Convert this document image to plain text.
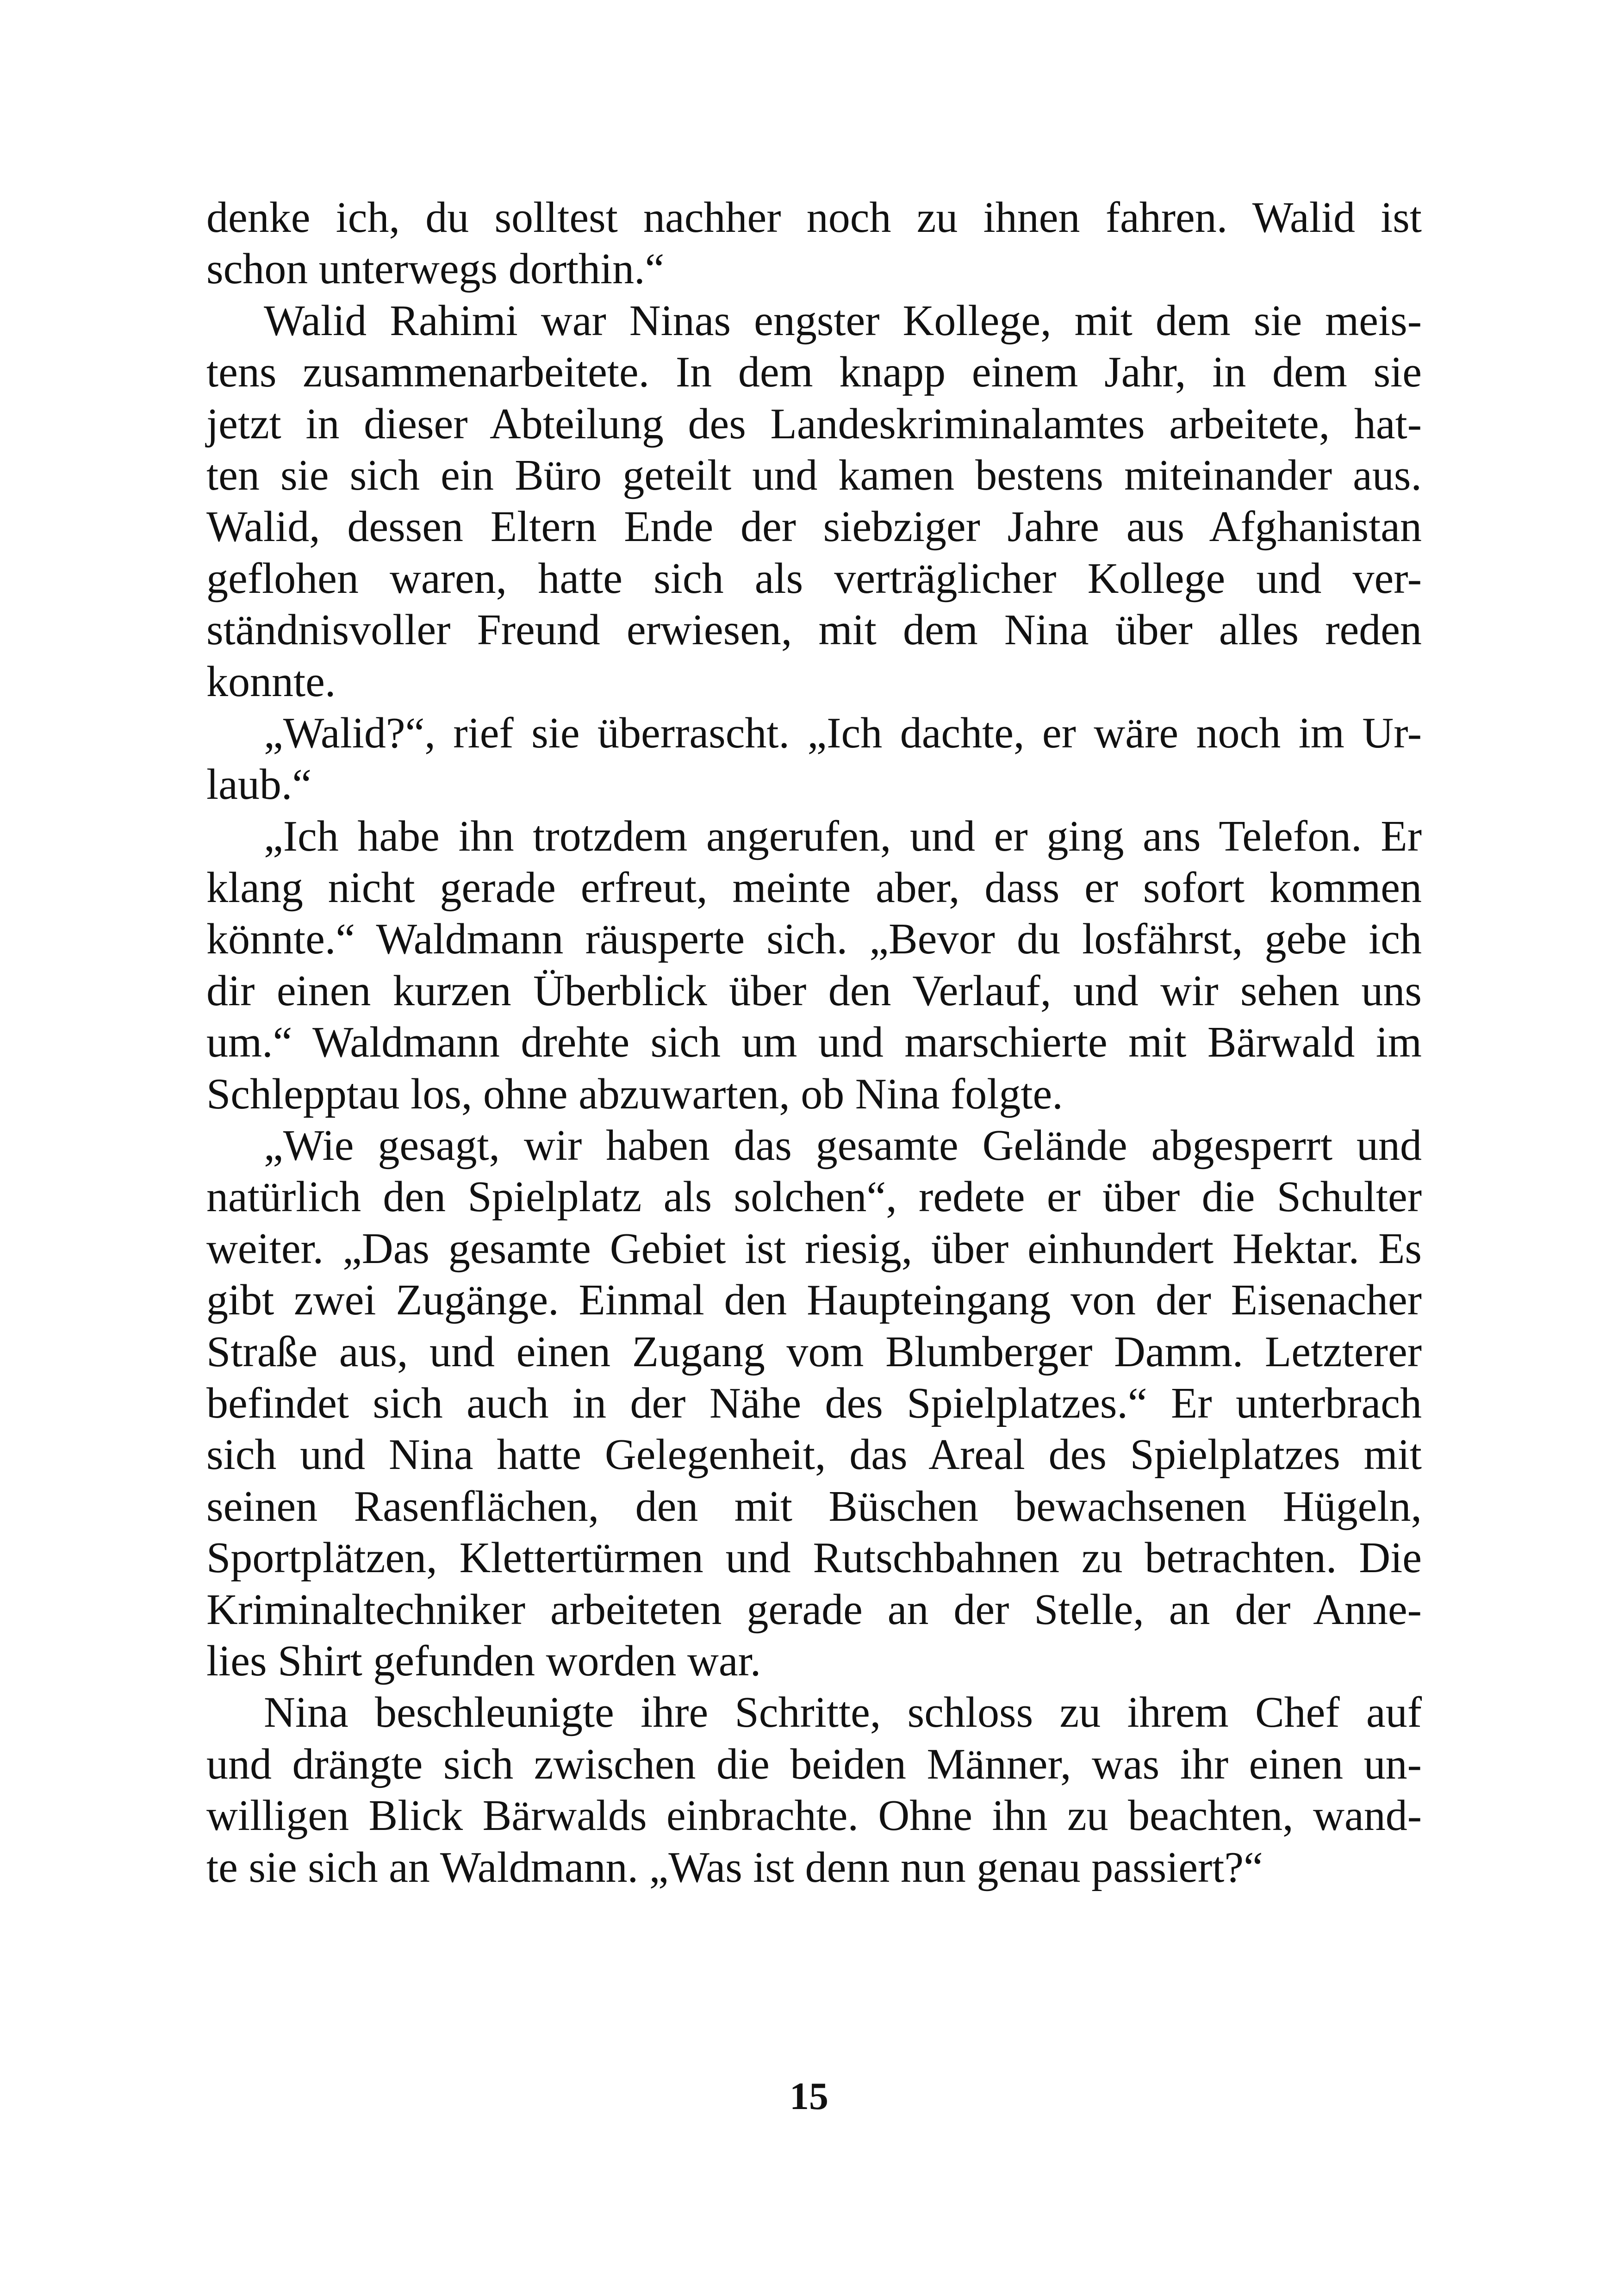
denke ich, du solltest nachher noch zu ihnen fahren. Walid ist
schon unterwegs dorthin.“
Walid Rahimi war Ninas engster Kollege, mit dem sie meis-
tens zusammenarbeitete. In dem knapp einem Jahr, in dem sie
jetzt in dieser Abteilung des Landeskriminalamtes arbeitete, hat-
ten sie sich ein Büro geteilt und kamen bestens miteinander aus.
Walid, dessen Eltern Ende der siebziger Jahre aus Afghanistan
geflohen waren, hatte sich als verträglicher Kollege und ver-
ständnisvoller Freund erwiesen, mit dem Nina über alles reden
konnte.
„Walid?“, rief sie überrascht. „Ich dachte, er wäre noch im Ur-
laub.“
„Ich habe ihn trotzdem angerufen, und er ging ans Telefon. Er
klang nicht gerade erfreut, meinte aber, dass er sofort kommen
könnte.“ Waldmann räusperte sich. „Bevor du losfährst, gebe ich
dir einen kurzen Überblick über den Verlauf, und wir sehen uns
um.“ Waldmann drehte sich um und marschierte mit Bärwald im
Schlepptau los, ohne abzuwarten, ob Nina folgte.
„Wie gesagt, wir haben das gesamte Gelände abgesperrt und
natürlich den Spielplatz als solchen“, redete er über die Schulter
weiter. „Das gesamte Gebiet ist riesig, über einhundert Hektar. Es
gibt zwei Zugänge. Einmal den Haupteingang von der Eisenacher
Straße aus, und einen Zugang vom Blumberger Damm. Letzterer
befindet sich auch in der Nähe des Spielplatzes.“ Er unterbrach
sich und Nina hatte Gelegenheit, das Areal des Spielplatzes mit
seinen Rasenflächen, den mit Büschen bewachsenen Hügeln,
Sportplätzen, Klettertürmen und Rutschbahnen zu betrachten. Die
Kriminaltechniker arbeiteten gerade an der Stelle, an der Anne-
lies Shirt gefunden worden war.
Nina beschleunigte ihre Schritte, schloss zu ihrem Chef auf
und drängte sich zwischen die beiden Männer, was ihr einen un-
willigen Blick Bärwalds einbrachte. Ohne ihn zu beachten, wand-
te sie sich an Waldmann. „Was ist denn nun genau passiert?“
15
